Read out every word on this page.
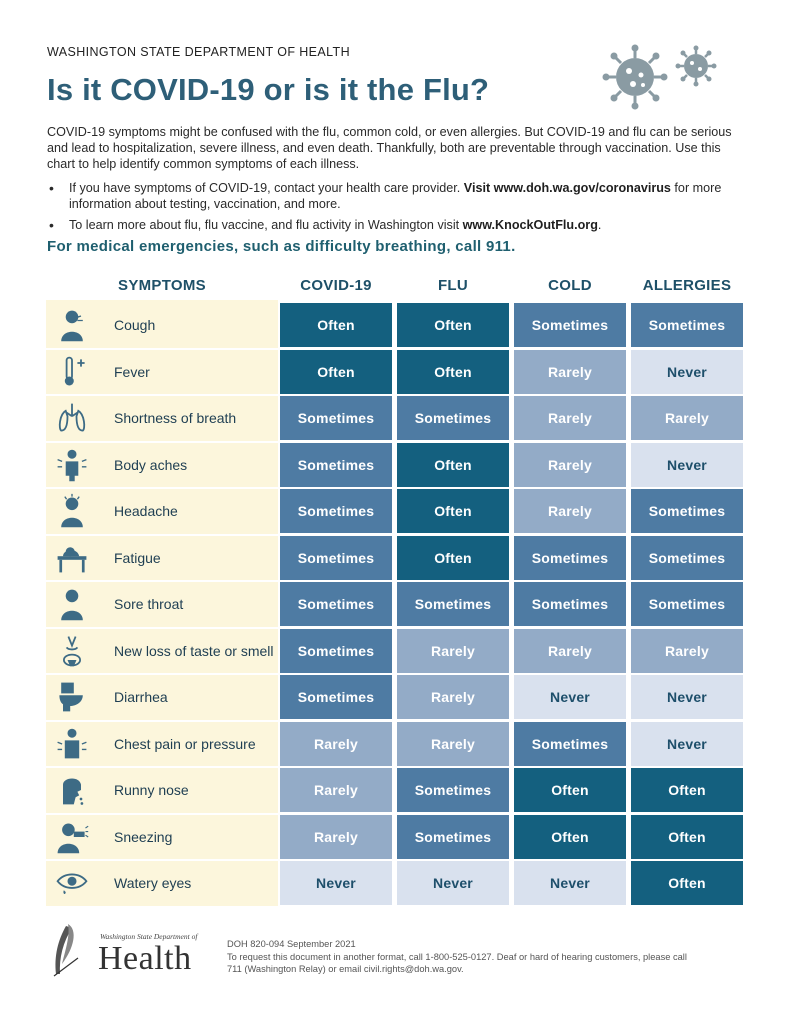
WASHINGTON STATE DEPARTMENT OF HEALTH
Is it COVID-19 or is it the Flu?

COVID-19 symptoms might be confused with the flu, common cold, or even allergies. But COVID-19 and flu can be serious and lead to hospitalization, severe illness, and even death. Thankfully, both are preventable through vaccination. Use this chart to help identify common symptoms of each illness.

• If you have symptoms of COVID-19, contact your health care provider. Visit www.doh.wa.gov/coronavirus for more information about testing, vaccination, and more.
• To learn more about flu, flu vaccine, and flu activity in Washington visit www.KnockOutFlu.org.
For medical emergencies, such as difficulty breathing, call 911.
SYMPTOMS	COVID-19	FLU	COLD	ALLERGIES
Cough	Often	Often	Sometimes	Sometimes
Fever	Often	Often	Rarely	Never
Shortness of breath	Sometimes	Sometimes	Rarely	Rarely
Body aches	Sometimes	Often	Rarely	Never
Headache	Sometimes	Often	Rarely	Sometimes
Fatigue	Sometimes	Often	Sometimes	Sometimes
Sore throat	Sometimes	Sometimes	Sometimes	Sometimes
New loss of taste or smell	Sometimes	Rarely	Rarely	Rarely
Diarrhea	Sometimes	Rarely	Never	Never
Chest pain or pressure	Rarely	Rarely	Sometimes	Never
Runny nose	Rarely	Sometimes	Often	Often
Sneezing	Rarely	Sometimes	Often	Often
Watery eyes	Never	Never	Never	Often
Washington State Department of
Health	DOH 820-094 September 2021
To request this document in another format, call 1-800-525-0127. Deaf or hard of hearing customers, please call 711 (Washington Relay) or email civil.rights@doh.wa.gov.
